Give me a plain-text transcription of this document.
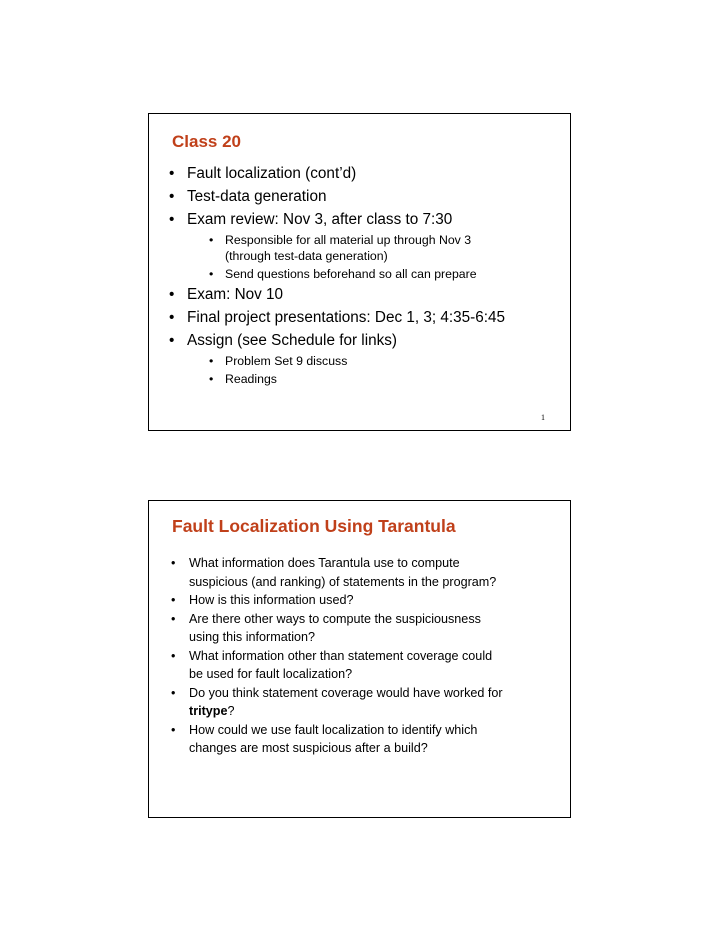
Class 20
• Fault localization (cont’d)
• Test-data generation
• Exam review: Nov 3, after class to 7:30
• Responsible for all material up through Nov 3
(through test-data generation)
• Send questions beforehand so all can prepare
• Exam: Nov 10
• Final project presentations: Dec 1, 3; 4:35-6:45
• Assign (see Schedule for links)
• Problem Set 9 discuss
• Readings
1
Fault Localization Using Tarantula
• What information does Tarantula use to compute
suspicious (and ranking) of statements in the program?
• How is this information used?
• Are there other ways to compute the suspiciousness
using this information?
• What information other than statement coverage could
be used for fault localization?
• Do you think statement coverage would have worked for
tritype?
• How could we use fault localization to identify which
changes are most suspicious after a build?
